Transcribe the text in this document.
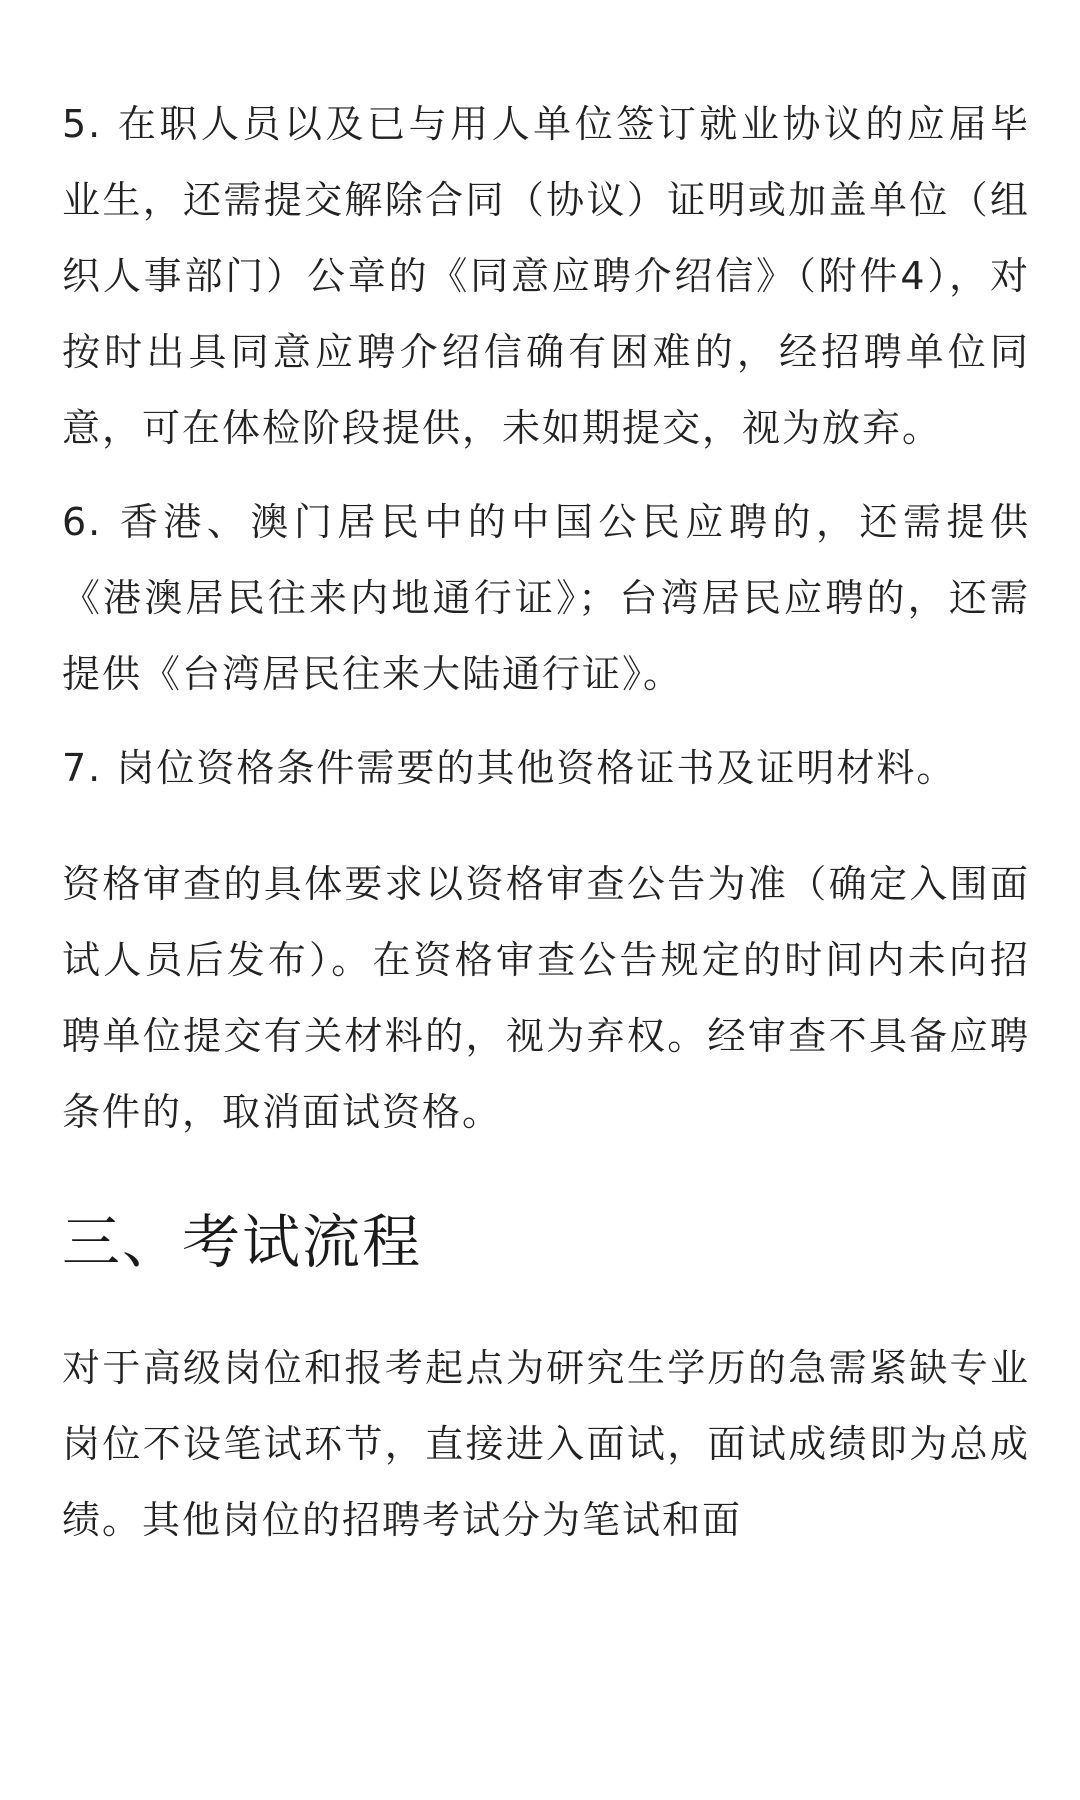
5. 在职人员以及已与用人单位签订就业协议的应届毕业生，还需提交解除合同（协议）证明或加盖单位（组织人事部门）公章的《同意应聘介绍信》（附件4），对按时出具同意应聘介绍信确有困难的，经招聘单位同意，可在体检阶段提供，未如期提交，视为放弃。

6. 香港、澳门居民中的中国公民应聘的，还需提供《港澳居民往来内地通行证》；台湾居民应聘的，还需提供《台湾居民往来大陆通行证》。

7. 岗位资格条件需要的其他资格证书及证明材料。

资格审查的具体要求以资格审查公告为准（确定入围面试人员后发布）。在资格审查公告规定的时间内未向招聘单位提交有关材料的，视为弃权。经审查不具备应聘条件的，取消面试资格。

三、考试流程

对于高级岗位和报考起点为研究生学历的急需紧缺专业岗位不设笔试环节，直接进入面试，面试成绩即为总成绩。其他岗位的招聘考试分为笔试和面
